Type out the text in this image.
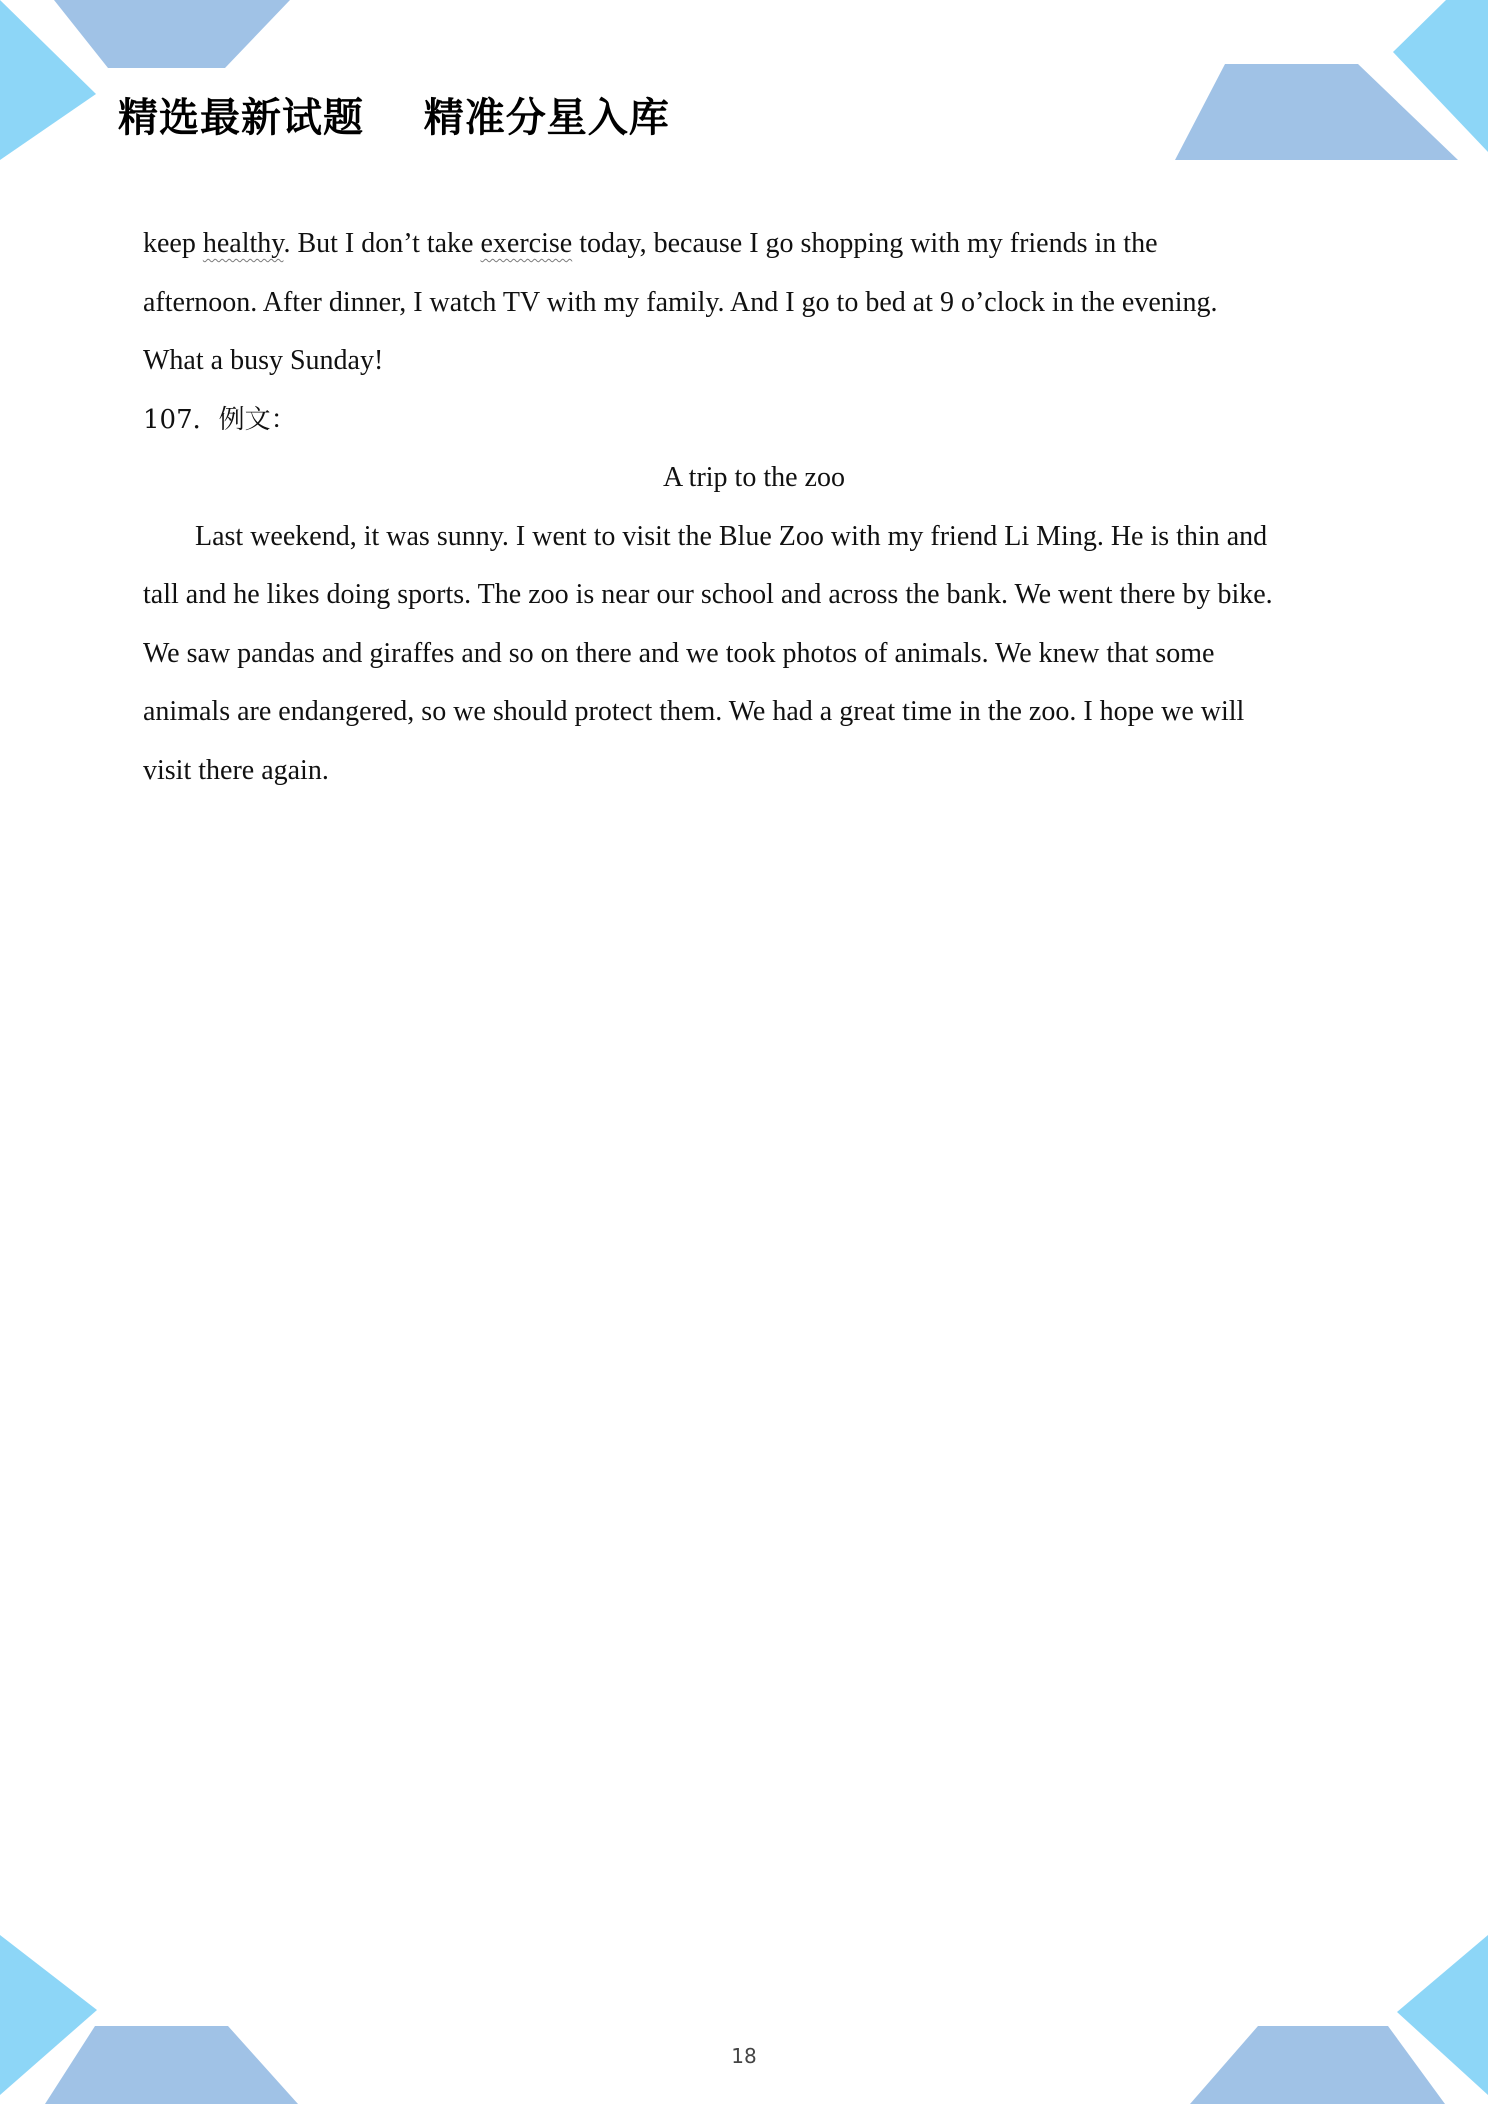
精选最新试题    精准分星入库
keep healthy. But I don’t take exercise today, because I go shopping with my friends in the
afternoon. After dinner, I watch TV with my family. And I go to bed at 9 o’clock in the evening.
What a busy Sunday!
107．例文：
A trip to the zoo
Last weekend, it was sunny. I went to visit the Blue Zoo with my friend Li Ming. He is thin and
tall and he likes doing sports. The zoo is near our school and across the bank. We went there by bike.
We saw pandas and giraffes and so on there and we took photos of animals. We knew that some
animals are endangered, so we should protect them. We had a great time in the zoo. I hope we will
visit there again.
18
